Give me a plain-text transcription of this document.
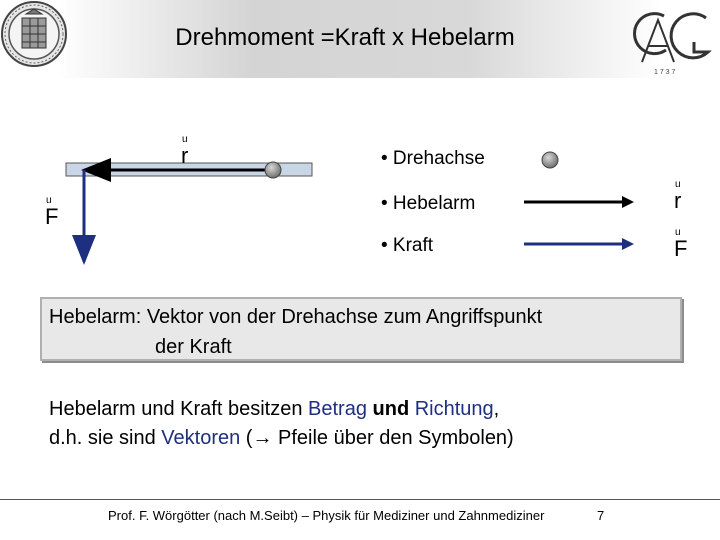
1 7 3 7
Drehmoment =Kraft x Hebelarm
u
r
u
F
• Drehachse
• Hebelarm
u
r
• Kraft
u
F
Hebelarm: Vektor von der Drehachse zum Angriffspunkt
der Kraft
Hebelarm und Kraft besitzen Betrag und Richtung,
d.h. sie sind Vektoren (→ Pfeile über den Symbolen)
Prof. F. Wörgötter (nach M.Seibt) – Physik für Mediziner und Zahnmediziner	7
